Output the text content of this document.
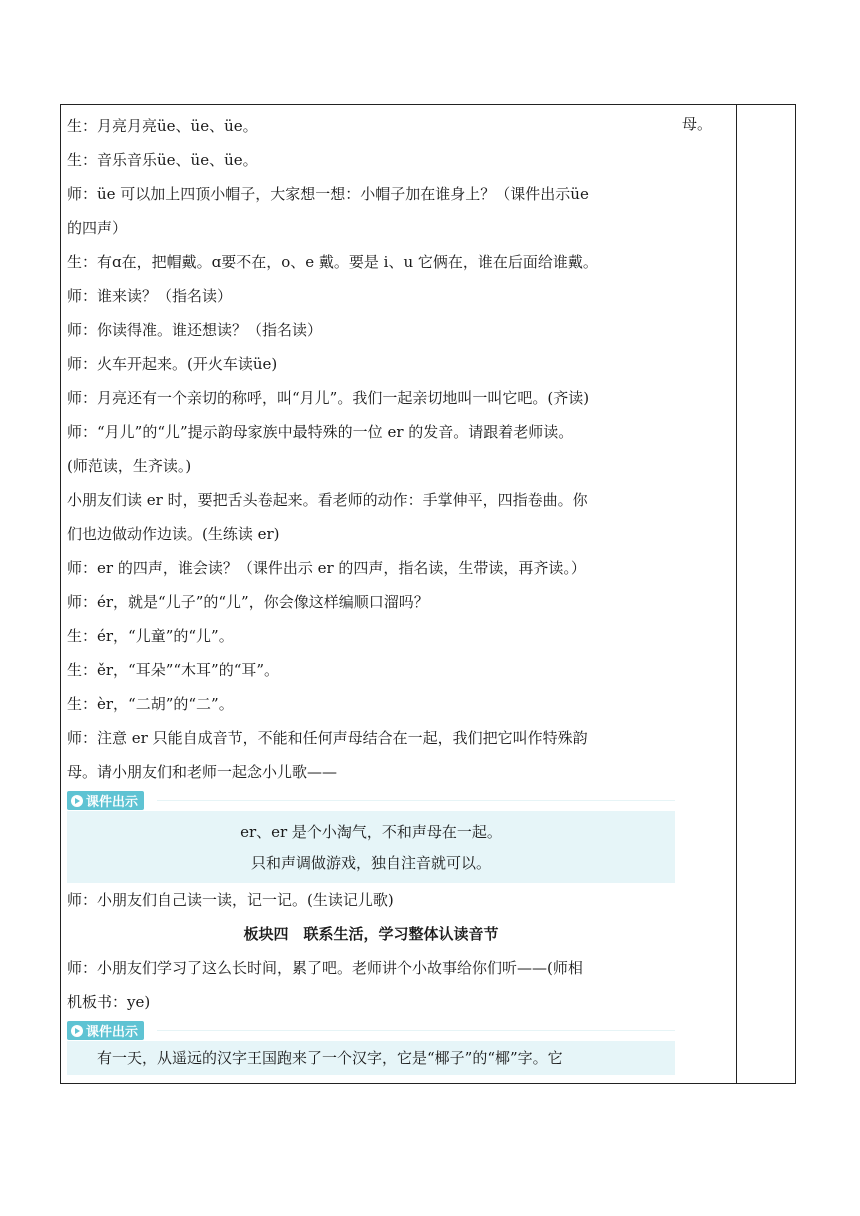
生：月亮月亮üe、üe、üe。
生：音乐音乐üe、üe、üe。
师：üe 可以加上四顶小帽子，大家想一想：小帽子加在谁身上？（课件出示üe
的四声）
生：有ɑ在，把帽戴。ɑ要不在，o、e 戴。要是 i、u 它俩在，谁在后面给谁戴。
师：谁来读？（指名读）
师：你读得准。谁还想读？（指名读）
师：火车开起来。(开火车读üe)
师：月亮还有一个亲切的称呼，叫“月儿”。我们一起亲切地叫一叫它吧。(齐读)
师：“月儿”的“儿”提示韵母家族中最特殊的一位 er 的发音。请跟着老师读。
(师范读，生齐读。)
小朋友们读 er 时，要把舌头卷起来。看老师的动作：手掌伸平，四指卷曲。你
们也边做动作边读。(生练读 er)
师：er 的四声，谁会读？（课件出示 er 的四声，指名读，生带读，再齐读。）
师：ér，就是“儿子”的“儿”，你会像这样编顺口溜吗？
生：ér，“儿童”的“儿”。
生：ěr，“耳朵”“木耳”的“耳”。
生：èr，“二胡”的“二”。
师：注意 er 只能自成音节，不能和任何声母结合在一起，我们把它叫作特殊韵
母。请小朋友们和老师一起念小儿歌——
课件出示
er、er 是个小淘气，不和声母在一起。
只和声调做游戏，独自注音就可以。
师：小朋友们自己读一读，记一记。(生读记儿歌)
板块四　联系生活，学习整体认读音节
师：小朋友们学习了这么长时间，累了吧。老师讲个小故事给你们听——(师相
机板书：ye)
课件出示
有一天，从遥远的汉字王国跑来了一个汉字，它是“椰子”的“椰”字。它
母。
